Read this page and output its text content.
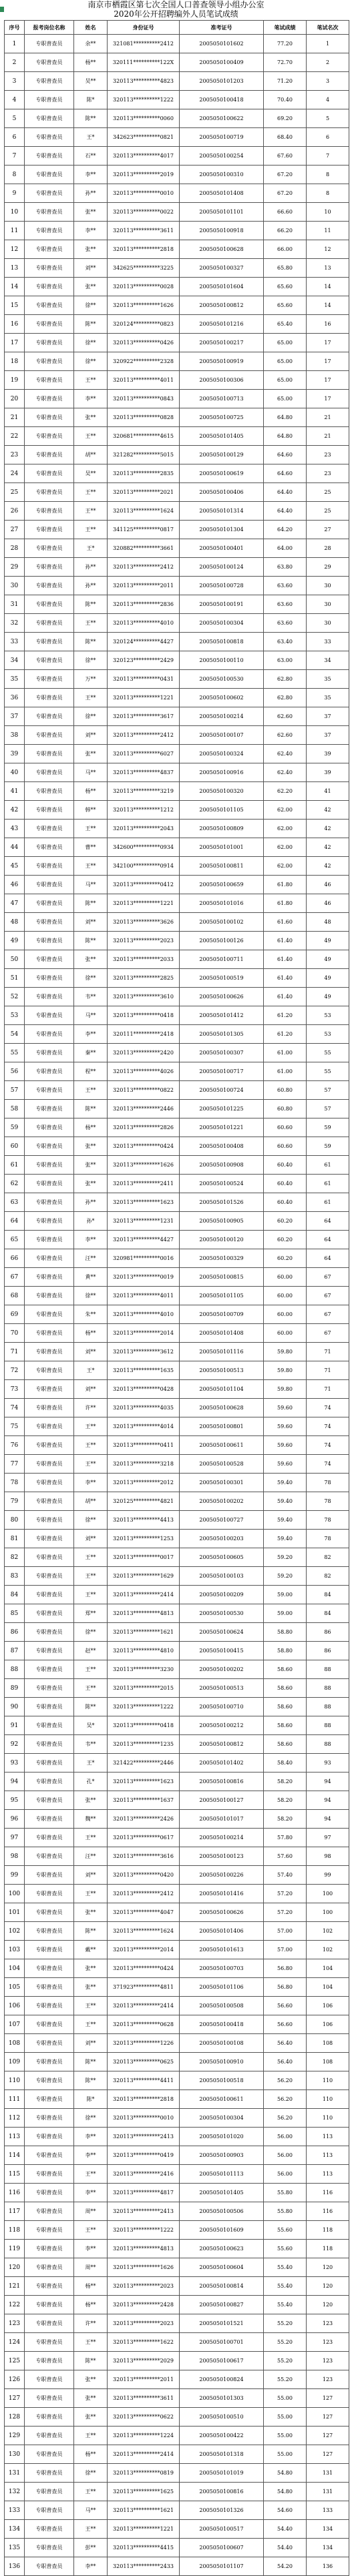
南京市栖霞区第七次全国人口普查领导小组办公室
2020年公开招聘编外人员笔试成绩
序号	报考岗位名称	姓名	身份证号	准考证号	笔试成绩	笔试名次
1	专职普查员	余**	321081**********2412	2005050101602	77.20	1
2	专职普查员	杨**	320111**********122X	2005050100409	72.70	2
3	专职普查员	吴**	320113**********4823	2005050101203	71.20	3
4	专职普查员	陈*	320113**********1222	2005050100418	70.40	4
5	专职普查员	陈**	320113**********0060	2005050100622	69.20	5
6	专职普查员	王*	342623**********0821	2005050100719	68.40	6
7	专职普查员	石**	320113**********4017	2005050100254	67.60	7
8	专职普查员	李**	320113**********2019	2005050100310	67.20	8
9	专职普查员	孙**	320113**********0010	2005050101408	67.20	8
10	专职普查员	张**	320113**********0022	2005050101101	66.60	10
11	专职普查员	李**	320113**********3611	2005050100918	66.20	11
12	专职普查员	张**	320113**********2818	2005050100628	66.00	12
13	专职普查员	刘**	342625**********3225	2005050100327	65.80	13
14	专职普查员	张**	320113**********0028	2005050101604	65.60	14
15	专职普查员	徐**	320113**********1626	2005050100812	65.60	14
16	专职普查员	陈**	320124**********0823	2005050101216	65.40	16
17	专职普查员	徐**	320113**********0426	2005050100217	65.00	17
18	专职普查员	徐**	320922**********2328	2005050100919	65.00	17
19	专职普查员	王**	320113**********4011	2005050100306	65.00	17
20	专职普查员	李**	320113**********0843	2005050100713	65.00	17
21	专职普查员	张**	320113**********0828	2005050100725	64.80	21
22	专职普查员	王**	320681**********4615	2005050101405	64.80	21
23	专职普查员	胡**	321282**********5015	2005050100129	64.60	23
24	专职普查员	吴**	320113**********2835	2005050100619	64.60	23
25	专职普查员	王**	320113**********2021	2005050100406	64.40	25
26	专职普查员	王**	320113**********1624	2005050101314	64.40	25
27	专职普查员	王**	341125**********0817	2005050101304	64.20	27
28	专职普查员	王*	320882**********3661	2005050100401	64.00	28
29	专职普查员	孙**	320113**********2412	2005050100124	63.80	29
30	专职普查员	孙**	320113**********2011	2005050100728	63.60	30
31	专职普查员	陈**	320113**********2836	2005050100191	63.60	30
32	专职普查员	王**	320113**********4010	2005050100304	63.60	30
33	专职普查员	陈**	320124**********4427	2005050100818	63.40	33
34	专职普查员	徐**	320123**********2429	2005050100110	63.00	34
35	专职普查员	万**	320113**********0431	2005050100530	62.80	35
36	专职普查员	王**	320113**********1221	2005050100602	62.80	35
37	专职普查员	徐**	320113**********3617	2005050100214	62.60	37
38	专职普查员	刘**	320113**********2412	2005050100107	62.60	37
39	专职普查员	张**	320113**********6027	2005050100324	62.40	39
40	专职普查员	马**	320113**********4837	2005050100916	62.40	39
41	专职普查员	杨**	320113**********3219	2005050100320	62.20	41
42	专职普查员	韩**	320113**********1212	2005050101105	62.00	42
43	专职普查员	王**	320113**********2043	2005050100809	62.00	42
44	专职普查员	曹**	342600**********0934	2005050101001	62.00	42
45	专职普查员	王**	342100**********0914	2005050100811	62.00	42
46	专职普查员	马**	320113**********0412	2005050100659	61.80	46
47	专职普查员	陈**	320113**********1221	2005050101016	61.80	46
48	专职普查员	刘**	320113**********3626	2005050100102	61.60	48
49	专职普查员	陈**	320113**********2023	2005050100126	61.40	49
50	专职普查员	张**	320113**********2033	2005050100711	61.40	49
51	专职普查员	徐**	320113**********2825	2005050100519	61.40	49
52	专职普查员	韦**	320113**********3610	2005050100626	61.40	49
53	专职普查员	马**	320113**********0418	2005050101412	61.20	53
54	专职普查员	李**	320111**********2418	2005050101305	61.20	53
55	专职普查员	秦**	320113**********2420	2005050100307	61.00	55
56	专职普查员	程**	320113**********4026	2005050100717	61.00	55
57	专职普查员	王**	320113**********0822	2005050100724	60.80	57
58	专职普查员	陈**	320113**********2446	2005050101225	60.80	57
59	专职普查员	杨**	320113**********2826	2005050101221	60.60	59
60	专职普查员	张**	320113**********0424	2005050100408	60.60	59
61	专职普查员	张**	320113**********1626	2005050100908	60.40	61
62	专职普查员	张**	320113**********2411	2005050100524	60.40	61
63	专职普查员	孙**	320113**********1623	2005050101526	60.40	61
64	专职普查员	孙*	320113**********1231	2005050100905	60.20	64
65	专职普查员	李**	320113**********4427	2005050100120	60.20	64
66	专职普查员	汪**	320981**********0016	2005050100329	60.20	64
67	专职普查员	黄**	320113**********0019	2005050100815	60.00	67
68	专职普查员	徐**	320113**********4011	2005050101105	60.00	67
69	专职普查员	朱**	320113**********4010	2005050100709	60.00	67
70	专职普查员	杨**	320113**********2014	2005050101408	60.00	67
71	专职普查员	刘**	320113**********3612	2005050101116	59.80	71
72	专职普查员	王*	320113**********1635	2005050100513	59.80	71
73	专职普查员	刘**	320113**********0428	2005050101104	59.80	71
74	专职普查员	许**	320113**********4035	2005050100628	59.60	74
75	专职普查员	王**	320113**********4014	2005050100801	59.60	74
76	专职普查员	王**	320113**********0411	2005050100611	59.60	74
77	专职普查员	王**	320113**********3218	2005050100528	59.60	74
78	专职普查员	李**	320113**********2012	2005050100301	59.40	78
79	专职普查员	胡**	320125**********4821	2005050100202	59.40	78
80	专职普查员	徐**	320113**********4413	2005050100727	59.40	78
81	专职普查员	刘**	320113**********1253	2005050100203	59.40	78
82	专职普查员	王**	320113**********0017	2005050100605	59.20	82
83	专职普查员	王**	320113**********1629	2005050100103	59.20	82
84	专职普查员	王**	320113**********2414	2005050100209	59.00	84
85	专职普查员	郑**	320113**********4813	2005050100530	59.00	84
86	专职普查员	徐**	320113**********1621	2005050100624	58.80	86
87	专职普查员	赵**	320113**********4810	2005050100415	58.80	86
88	专职普查员	王**	320113**********3230	2005050100202	58.60	88
89	专职普查员	王**	320113**********2015	2005050100513	58.60	88
90	专职普查员	陈**	320113**********1222	2005050100710	58.60	88
91	专职普查员	吴*	320113**********0418	2005050100212	58.60	88
92	专职普查员	韦**	320113**********1235	2005050100812	58.60	88
93	专职普查员	王*	321422**********2446	2005050101402	58.40	93
94	专职普查员	孔*	320113**********1623	2005050100816	58.20	94
95	专职普查员	张**	320113**********1637	2005050100127	58.20	94
96	专职普查员	魏**	320113**********2426	2005050101017	58.20	94
97	专职普查员	王**	320113**********0617	2005050100214	57.80	97
98	专职普查员	汪**	320113**********3616	2005050100123	57.60	98
99	专职普查员	刘**	320113**********0420	2005050100226	57.40	99
100	专职普查员	王**	320113**********2412	2005050101416	57.20	100
101	专职普查员	张**	320113**********4047	2005050100626	57.20	100
102	专职普查员	陈**	320113**********1624	2005050101406	57.00	102
103	专职普查员	戴**	320113**********2014	2005050101613	57.00	102
104	专职普查员	张**	320113**********0424	2005050100703	56.80	104
105	专职普查员	张**	371923**********4811	2005050101106	56.80	104
106	专职普查员	王**	320113**********2414	2005050100508	56.60	106
107	专职普查员	王**	320113**********0628	2005050100418	56.60	106
108	专职普查员	刘**	320113**********1226	2005050100108	56.40	108
109	专职普查员	陈**	320113**********0625	2005050100910	56.40	108
110	专职普查员	陈**	320113**********4411	2005050100518	56.20	110
111	专职普查员	陈*	320113**********2818	2005050100611	56.20	110
112	专职普查员	徐**	320113**********0010	2005050100304	56.20	110
113	专职普查员	李**	320113**********2413	2005050101020	56.00	113
114	专职普查员	李**	320113**********0419	2005050100903	56.00	113
115	专职普查员	王**	320113**********2416	2005050101113	56.00	113
116	专职普查员	李**	320113**********4817	2005050101405	55.80	116
117	专职普查员	周**	320113**********2413	2005050100506	55.80	116
118	专职普查员	王**	320113**********1222	2005050101609	55.60	118
119	专职普查员	李**	320113**********4813	2005050100623	55.60	118
120	专职普查员	周**	320113**********1626	2005050100604	55.40	120
121	专职普查员	杨**	320113**********2023	2005050100814	55.40	120
122	专职普查员	杨**	320113**********2428	2005050100827	55.40	120
123	专职普查员	许**	320113**********2023	2005050101521	55.20	123
124	专职普查员	王**	320113**********1622	2005050100701	55.20	123
125	专职普查员	陈**	320113**********2029	2005050100617	55.20	123
126	专职普查员	张**	320113**********2011	2005050100824	55.20	123
127	专职普查员	张**	320113**********3611	2005050101303	55.00	127
128	专职普查员	张**	320113**********0622	2005050100510	55.00	127
129	专职普查员	王**	320113**********1224	2005050100422	55.00	127
130	专职普查员	杨**	320113**********2414	2005050101318	55.00	127
131	专职普查员	徐**	320113**********0819	2005050101019	54.80	131
132	专职普查员	王**	320113**********1625	2005050100816	54.80	131
133	专职普查员	马**	320113**********1621	2005050101326	54.60	133
134	专职普查员	王**	320113**********1221	2005050100517	54.40	134
135	专职普查员	彭**	320113**********4415	2005050100607	54.40	134
136	专职普查员	李**	320113**********2433	2005050101107	54.20	136
